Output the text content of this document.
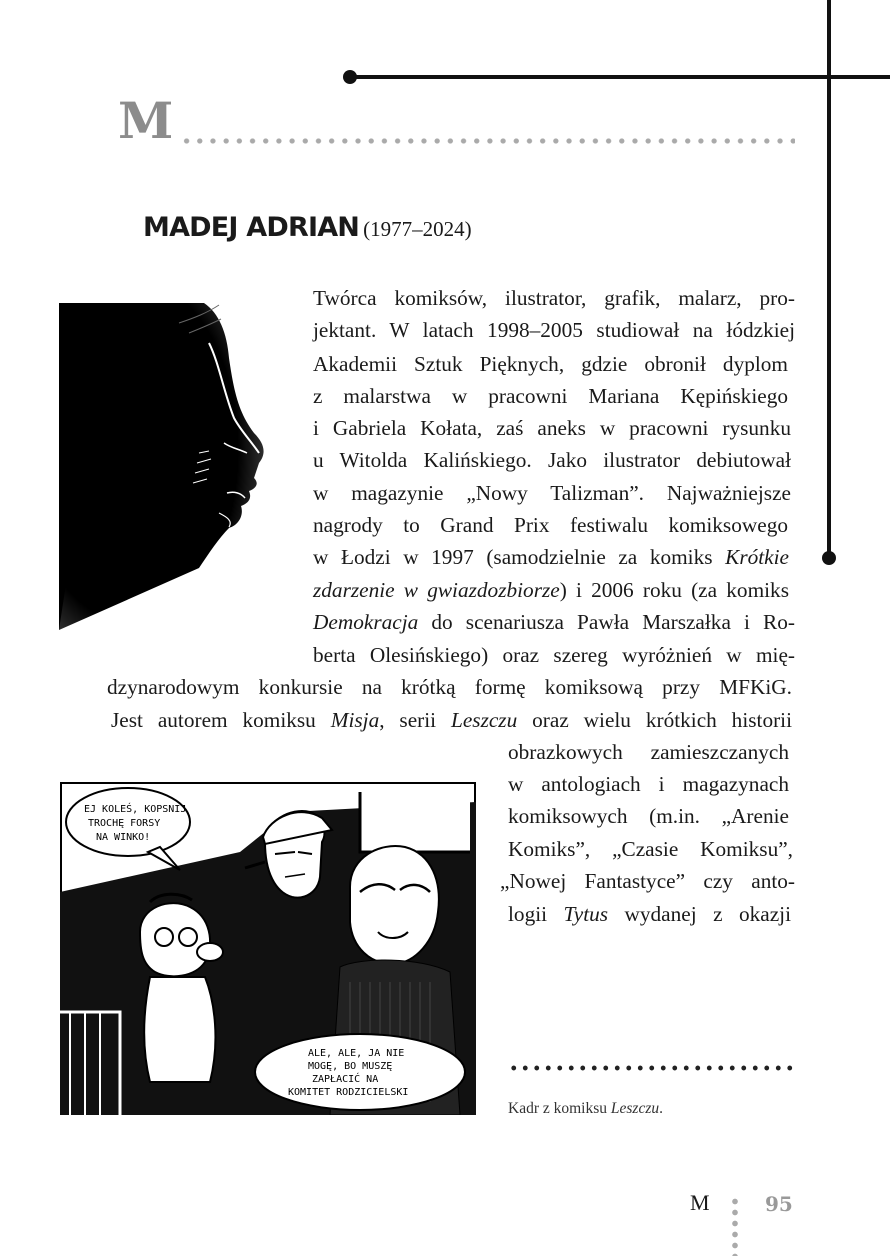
M
MADEJ ADRIAN (1977–2024)
Twórca komiksów, ilustrator, grafik, malarz, pro-
jektant. W latach 1998–2005 studiował na łódzkiej
Akademii Sztuk Pięknych, gdzie obronił dyplom
z malarstwa w pracowni Mariana Kępińskiego
i Gabriela Kołata, zaś aneks w pracowni rysunku
u Witolda Kalińskiego. Jako ilustrator debiutował
w magazynie „Nowy Talizman”. Najważniejsze
nagrody to Grand Prix festiwalu komiksowego
w Łodzi w 1997 (samodzielnie za komiks Krótkie
zdarzenie w gwiazdozbiorze) i 2006 roku (za komiks
Demokracja do scenariusza Pawła Marszałka i Ro-
berta Olesińskiego) oraz szereg wyróżnień w mię-
dzynarodowym konkursie na krótką formę komiksową przy MFKiG.
Jest autorem komiksu Misja, serii Leszczu oraz wielu krótkich historii
obrazkowych zamieszczanych
w antologiach i magazynach
komiksowych (m.in. „Arenie
Komiks”, „Czasie Komiksu”,
„Nowej Fantastyce” czy anto-
logii Tytus wydanej z okazji
EJ KOLEŚ, KOPSNIJ
TROCHĘ FORSY
NA WINKO!
ALE, ALE, JA NIE
MOGĘ, BO MUSZĘ
ZAPŁACIĆ NA
KOMITET RODZICIELSKI
Kadr z komiksu Leszczu.
M	95
